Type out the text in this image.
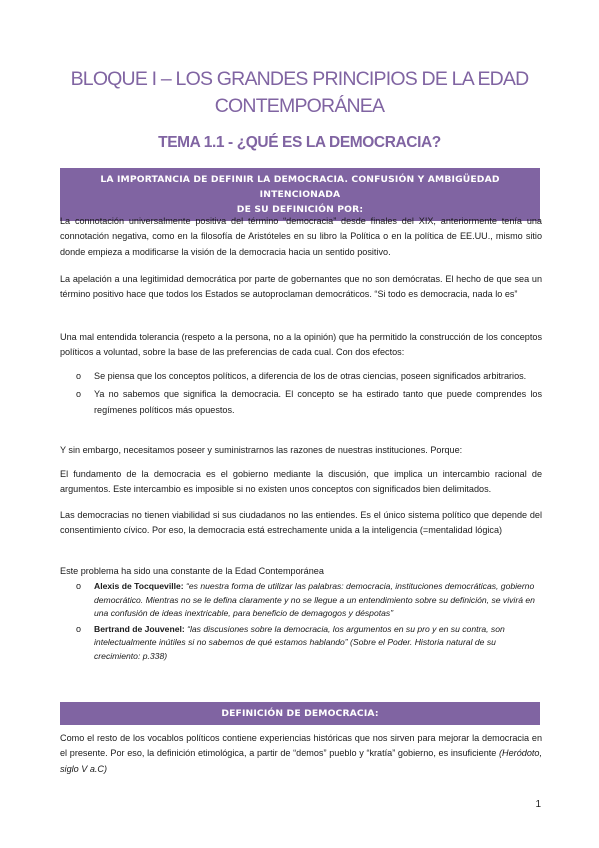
BLOQUE I – LOS GRANDES PRINCIPIOS DE LA EDAD
CONTEMPORÁNEA
TEMA 1.1 - ¿QUÉ ES LA DEMOCRACIA?
LA IMPORTANCIA DE DEFINIR LA DEMOCRACIA. CONFUSIÓN Y AMBIGÜEDAD INTENCIONADA
DE SU DEFINICIÓN POR:

La connotación universalmente positiva del término “democracia” desde finales del XIX, anteriormente tenía una connotación negativa, como en la filosofía de Aristóteles en su libro la Política o en la política de EE.UU., mismo sitio donde empieza a modificarse la visión de la democracia hacia un sentido positivo.

La apelación a una legitimidad democrática por parte de gobernantes que no son demócratas. El hecho de que sea un término positivo hace que todos los Estados se autoproclaman democráticos. “Si todo es democracia, nada lo es”

Una mal entendida tolerancia (respeto a la persona, no a la opinión) que ha permitido la construcción de los conceptos políticos a voluntad, sobre la base de las preferencias de cada cual. Con dos efectos:

o Se piensa que los conceptos políticos, a diferencia de los de otras ciencias, poseen significados arbitrarios.
o Ya no sabemos que significa la democracia. El concepto se ha estirado tanto que puede comprendes los regímenes políticos más opuestos.

Y sin embargo, necesitamos poseer y suministrarnos las razones de nuestras instituciones. Porque:

El fundamento de la democracia es el gobierno mediante la discusión, que implica un intercambio racional de argumentos. Este intercambio es imposible si no existen unos conceptos con significados bien delimitados.

Las democracias no tienen viabilidad si sus ciudadanos no las entiendes. Es el único sistema político que depende del consentimiento cívico. Por eso, la democracia está estrechamente unida a la inteligencia (=mentalidad lógica)

Este problema ha sido una constante de la Edad Contemporánea

o Alexis de Tocqueville: “es nuestra forma de utilizar las palabras: democracia, instituciones democráticas, gobierno democrático. Mientras no se le defina claramente y no se llegue a un entendimiento sobre su definición, se vivirá en una confusión de ideas inextricable, para beneficio de demagogos y déspotas”
o Bertrand de Jouvenel: “las discusiones sobre la democracia, los argumentos en su pro y en su contra, son intelectualmente inútiles si no sabemos de qué estamos hablando” (Sobre el Poder. Historia natural de su crecimiento: p.338)
DEFINICIÓN DE DEMOCRACIA:

Como el resto de los vocablos políticos contiene experiencias históricas que nos sirven para mejorar la democracia en el presente. Por eso, la definición etimológica, a partir de “demos” pueblo y “kratía” gobierno, es insuficiente (Heródoto, siglo V a.C)

1
